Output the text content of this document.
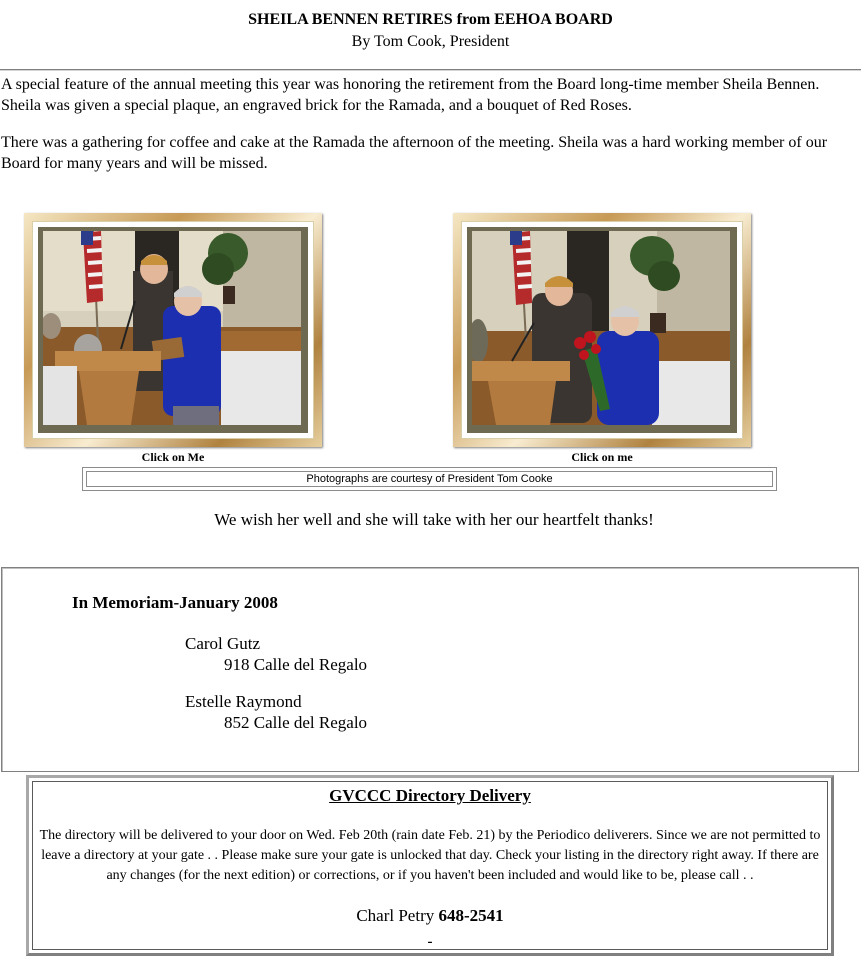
SHEILA BENNEN RETIRES from EEHOA BOARD
By Tom Cook, President
A special feature of the annual meeting this year was honoring the retirement from the Board long-time member Sheila Bennen. Sheila was given a special plaque, an engraved brick for the Ramada, and a bouquet of Red Roses.
There was a gathering for coffee and cake at the Ramada the afternoon of the meeting. Sheila was a hard working member of our Board for many years and will be missed.
Click on Me	Click on me
Photographs are courtesy of President Tom Cooke
We wish her well and she will take with her our heartfelt thanks!
In Memoriam-January 2008
Carol Gutz
918 Calle del Regalo
Estelle Raymond
852 Calle del Regalo
GVCCC Directory Delivery
The directory will be delivered to your door on Wed. Feb 20th (rain date Feb. 21) by the Periodico deliverers. Since we are not permitted to leave a directory at your gate . . Please make sure your gate is unlocked that day. Check your listing in the directory right away. If there are any changes (for the next edition) or corrections, or if you haven't been included and would like to be, please call . .
Charl Petry 648-2541
-
